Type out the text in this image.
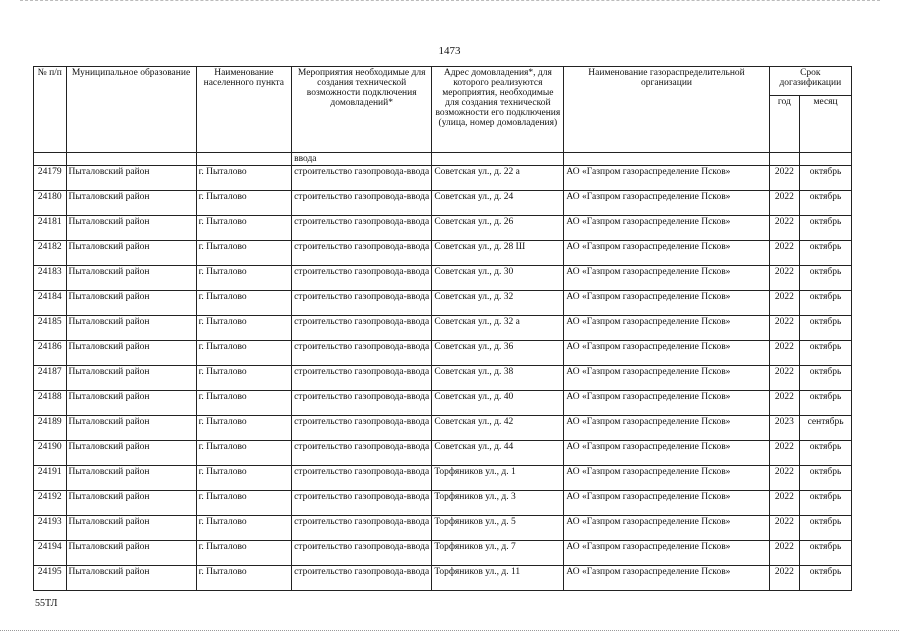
1473
№ п/п	Муниципальное образование	Наименование населенного пункта	Мероприятия необходимые для создания технической возможности подключения домовладений*	Адрес домовладения*, для которого реализуются мероприятия, необходимые для создания технической возможности его подключения (улица, номер домовладения)	Наименование газораспределительной организации	Срок догазификации	
						год	месяц
			ввода				
24179	Пыталовский район	г. Пыталово	строительство газопровода-ввода	Советская ул., д. 22 а	АО «Газпром газораспределение Псков»	2022	октябрь
24180	Пыталовский район	г. Пыталово	строительство газопровода-ввода	Советская ул., д. 24	АО «Газпром газораспределение Псков»	2022	октябрь
24181	Пыталовский район	г. Пыталово	строительство газопровода-ввода	Советская ул., д. 26	АО «Газпром газораспределение Псков»	2022	октябрь
24182	Пыталовский район	г. Пыталово	строительство газопровода-ввода	Советская ул., д. 28 Ш	АО «Газпром газораспределение Псков»	2022	октябрь
24183	Пыталовский район	г. Пыталово	строительство газопровода-ввода	Советская ул., д. 30	АО «Газпром газораспределение Псков»	2022	октябрь
24184	Пыталовский район	г. Пыталово	строительство газопровода-ввода	Советская ул., д. 32	АО «Газпром газораспределение Псков»	2022	октябрь
24185	Пыталовский район	г. Пыталово	строительство газопровода-ввода	Советская ул., д. 32 а	АО «Газпром газораспределение Псков»	2022	октябрь
24186	Пыталовский район	г. Пыталово	строительство газопровода-ввода	Советская ул., д. 36	АО «Газпром газораспределение Псков»	2022	октябрь
24187	Пыталовский район	г. Пыталово	строительство газопровода-ввода	Советская ул., д. 38	АО «Газпром газораспределение Псков»	2022	октябрь
24188	Пыталовский район	г. Пыталово	строительство газопровода-ввода	Советская ул., д. 40	АО «Газпром газораспределение Псков»	2022	октябрь
24189	Пыталовский район	г. Пыталово	строительство газопровода-ввода	Советская ул., д. 42	АО «Газпром газораспределение Псков»	2023	сентябрь
24190	Пыталовский район	г. Пыталово	строительство газопровода-ввода	Советская ул., д. 44	АО «Газпром газораспределение Псков»	2022	октябрь
24191	Пыталовский район	г. Пыталово	строительство газопровода-ввода	Торфяников ул., д. 1	АО «Газпром газораспределение Псков»	2022	октябрь
24192	Пыталовский район	г. Пыталово	строительство газопровода-ввода	Торфяников ул., д. 3	АО «Газпром газораспределение Псков»	2022	октябрь
24193	Пыталовский район	г. Пыталово	строительство газопровода-ввода	Торфяников ул., д. 5	АО «Газпром газораспределение Псков»	2022	октябрь
24194	Пыталовский район	г. Пыталово	строительство газопровода-ввода	Торфяников ул., д. 7	АО «Газпром газораспределение Псков»	2022	октябрь
24195	Пыталовский район	г. Пыталово	строительство газопровода-ввода	Торфяников ул., д. 11	АО «Газпром газораспределение Псков»	2022	октябрь
55ТЛ
